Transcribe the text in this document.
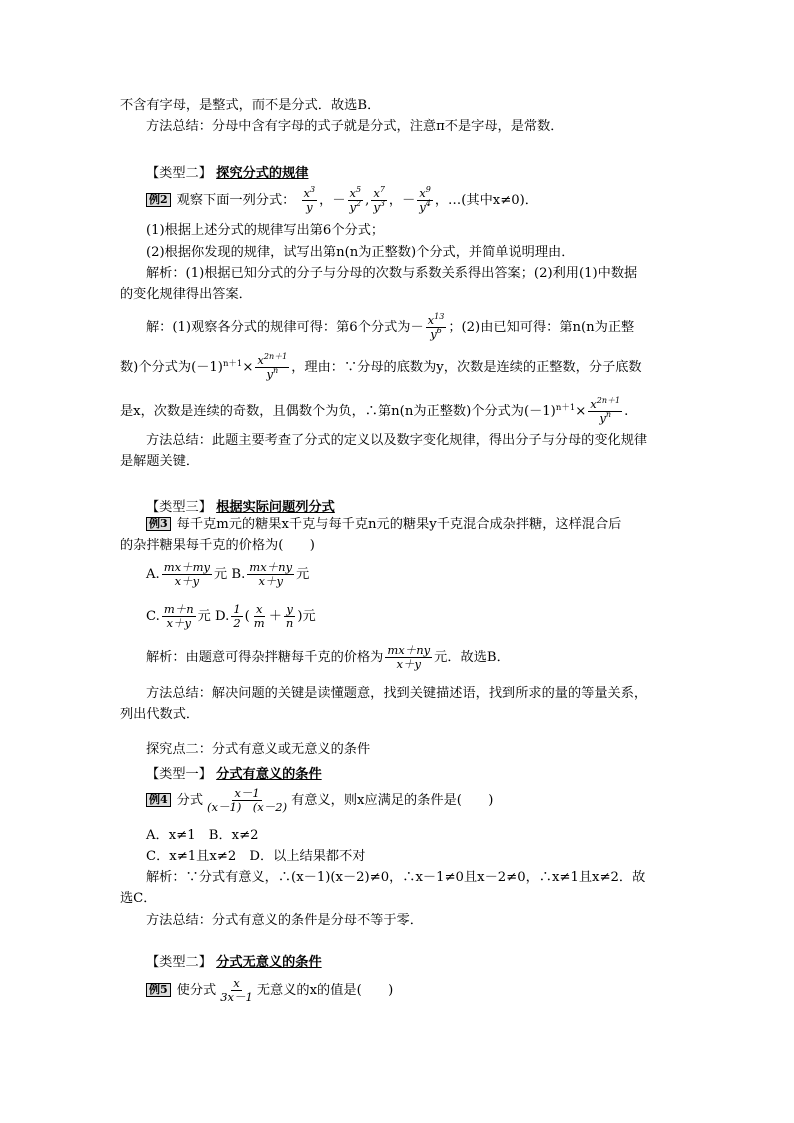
不含有字母，是整式，而不是分式．故选B．
方法总结：分母中含有字母的式子就是分式，注意π不是字母，是常数．
【类型二】 探究分式的规律
例2 观察下面一列分式： $\frac{x^3}{y}$ ，－ $\frac{x^5}{y^2}$ , $\frac{x^7}{y^3}$ ，－ $\frac{x^9}{y^4}$ ，…(其中x≠0)．
(1)根据上述分式的规律写出第6个分式；
(2)根据你发现的规律，试写出第n(n为正整数)个分式，并简单说明理由．
解析：(1)根据已知分式的分子与分母的次数与系数关系得出答案；(2)利用(1)中数据
的变化规律得出答案．
解：(1)观察各分式的规律可得：第6个分式为－ $\frac{x^{13}}{y^6}$ ；(2)由已知可得：第n(n为正整
数)个分式为$(-1)^{n+1}\times \frac{x^{2n+1}}{y^n}$ ，理由：∵分母的底数为y，次数是连续的正整数，分子底数
是x，次数是连续的奇数，且偶数个为负，∴第n(n为正整数)个分式为$(-1)^{n+1}\times \frac{x^{2n+1}}{y^n}$ .
方法总结：此题主要考查了分式的定义以及数字变化规律，得出分子与分母的变化规律
是解题关键．
【类型三】 根据实际问题列分式
例3 每千克m元的糖果x千克与每千克n元的糖果y千克混合成杂拌糖，这样混合后
的杂拌糖果每千克的价格为(　　)
A. $\frac{mx+my}{x+y}$ 元 B. $\frac{mx+ny}{x+y}$ 元
C. $\frac{m+n}{x+y}$ 元 D. $\frac{1}{2}$ ( $\frac{x}{m} + \frac{y}{n}$ )元
解析：由题意可得杂拌糖每千克的价格为 $\frac{mx+ny}{x+y}$ 元．故选B．
方法总结：解决问题的关键是读懂题意，找到关键描述语，找到所求的量的等量关系，
列出代数式．
探究点二：分式有意义或无意义的条件
【类型一】 分式有意义的条件
例4 分式 $\frac{x-1}{(x-1) (x-2)}$ 有意义，则x应满足的条件是(　　)
A．x≠1　B．x≠2
C．x≠1且x≠2　D．以上结果都不对
解析：∵分式有意义，∴(x－1)(x－2)≠0，∴x－1≠0且x－2≠0，∴x≠1且x≠2．故
选C．
方法总结：分式有意义的条件是分母不等于零．
【类型二】 分式无意义的条件
例5 使分式 $\frac{x}{3x-1}$ 无意义的x的值是(　　)
